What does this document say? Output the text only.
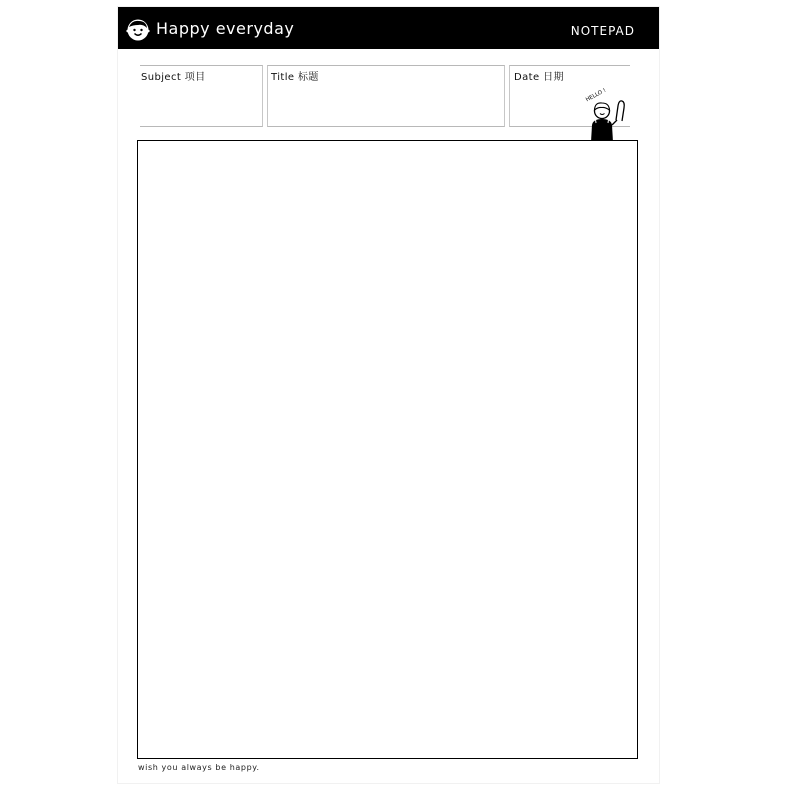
Happy everyday	NOTEPAD
Subject 项目	Title 标题	Date 日期
HELLO !
wish you always be happy.
